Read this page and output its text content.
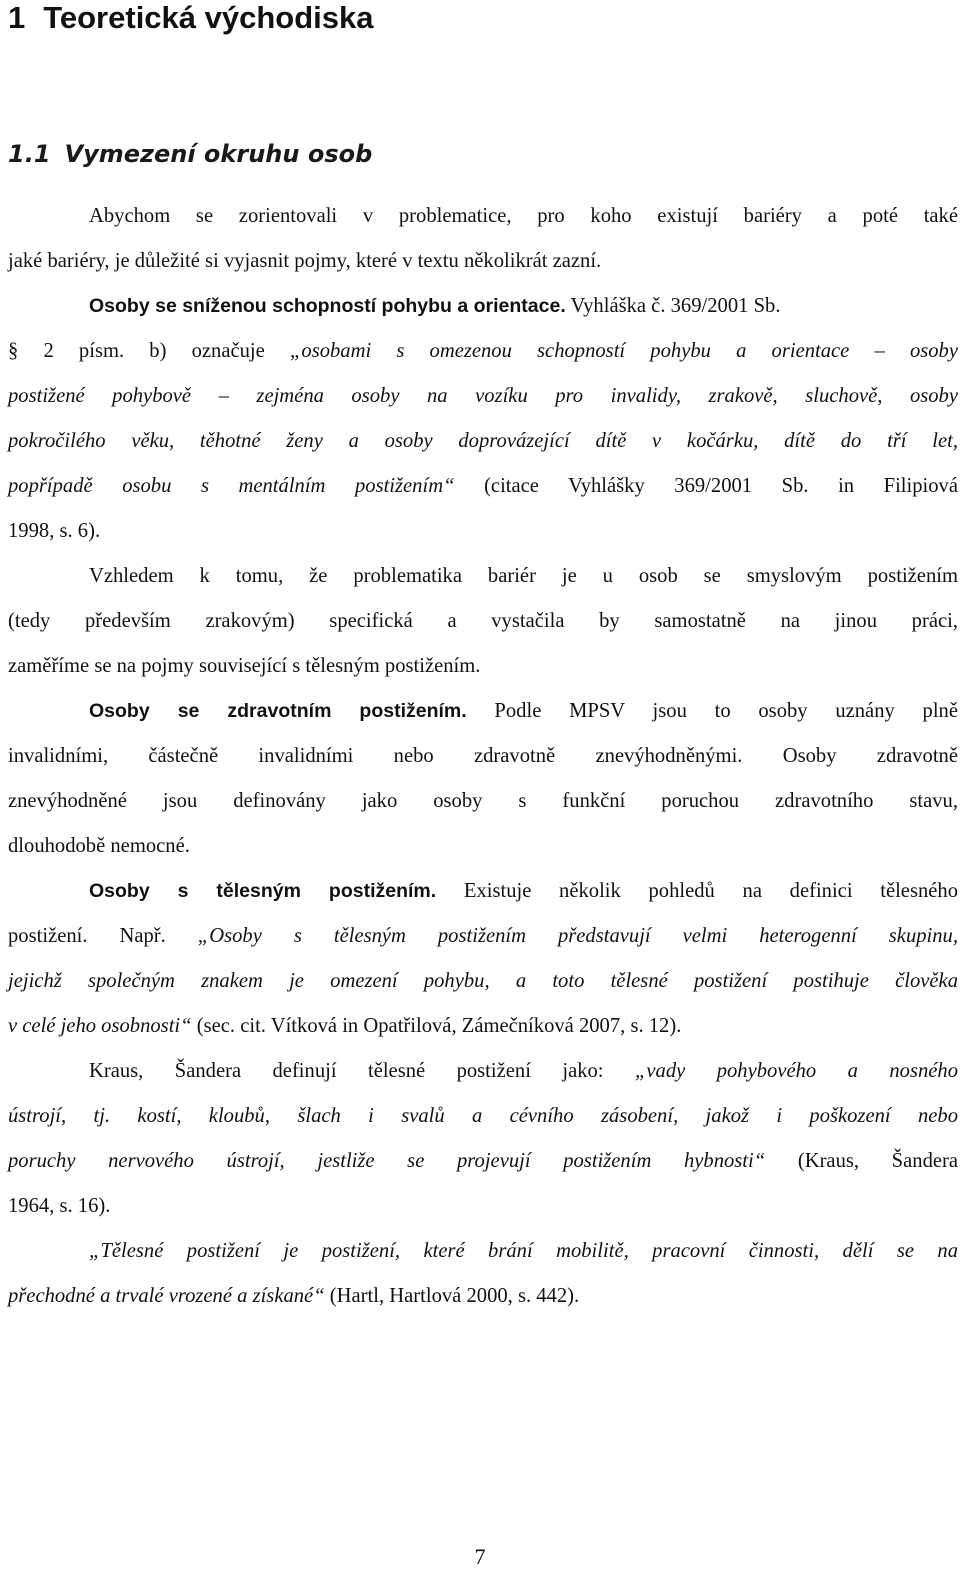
1 Teoretická východiska
1.1 Vymezení okruhu osob

Abychom se zorientovali v problematice, pro koho existují bariéry a poté také
jaké bariéry, je důležité si vyjasnit pojmy, které v textu několikrát zazní.

Osoby se sníženou schopností pohybu a orientace. Vyhláška č. 369/2001 Sb.
§ 2 písm. b) označuje „osobami s omezenou schopností pohybu a orientace – osoby
postižené pohybově – zejména osoby na vozíku pro invalidy, zrakově, sluchově, osoby
pokročilého věku, těhotné ženy a osoby doprovázející dítě v kočárku, dítě do tří let,
popřípadě osobu s mentálním postižením“ (citace Vyhlášky 369/2001 Sb. in Filipiová
1998, s. 6).

Vzhledem k tomu, že problematika bariér je u osob se smyslovým postižením
(tedy především zrakovým) specifická a vystačila by samostatně na jinou práci,
zaměříme se na pojmy související s tělesným postižením.

Osoby se zdravotním postižením. Podle MPSV jsou to osoby uznány plně
invalidními, částečně invalidními nebo zdravotně znevýhodněnými. Osoby zdravotně
znevýhodněné jsou definovány jako osoby s funkční poruchou zdravotního stavu,
dlouhodobě nemocné.

Osoby s tělesným postižením. Existuje několik pohledů na definici tělesného
postižení. Např. „Osoby s tělesným postižením představují velmi heterogenní skupinu,
jejichž společným znakem je omezení pohybu, a toto tělesné postižení postihuje člověka
v celé jeho osobnosti“ (sec. cit. Vítková in Opatřilová, Zámečníková 2007, s. 12).

Kraus, Šandera definují tělesné postižení jako: „vady pohybového a nosného
ústrojí, tj. kostí, kloubů, šlach i svalů a cévního zásobení, jakož i poškození nebo
poruchy nervového ústrojí, jestliže se projevují postižením hybnosti“ (Kraus, Šandera
1964, s. 16).

„Tělesné postižení je postižení, které brání mobilitě, pracovní činnosti, dělí se na
přechodné a trvalé vrozené a získané“ (Hartl, Hartlová 2000, s. 442).

7
